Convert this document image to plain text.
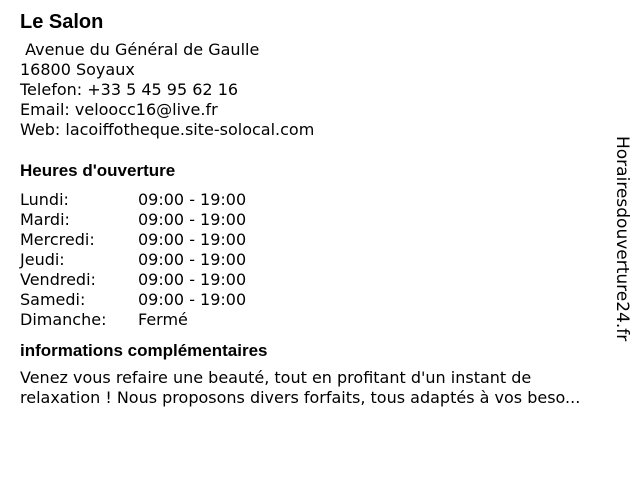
Le Salon
Avenue du Général de Gaulle
16800 Soyaux
Telefon: +33 5 45 95 62 16
Email: veloocc16@live.fr
Web: lacoiffotheque.site-solocal.com
Heures d'ouverture
Lundi:	09:00 - 19:00
Mardi:	09:00 - 19:00
Mercredi:	09:00 - 19:00
Jeudi:	09:00 - 19:00
Vendredi:	09:00 - 19:00
Samedi:	09:00 - 19:00
Dimanche:	Fermé
informations complémentaires
Venez vous refaire une beauté, tout en profitant d'un instant de
relaxation ! Nous proposons divers forfaits, tous adaptés à vos beso...
Horairesdouverture24.fr
